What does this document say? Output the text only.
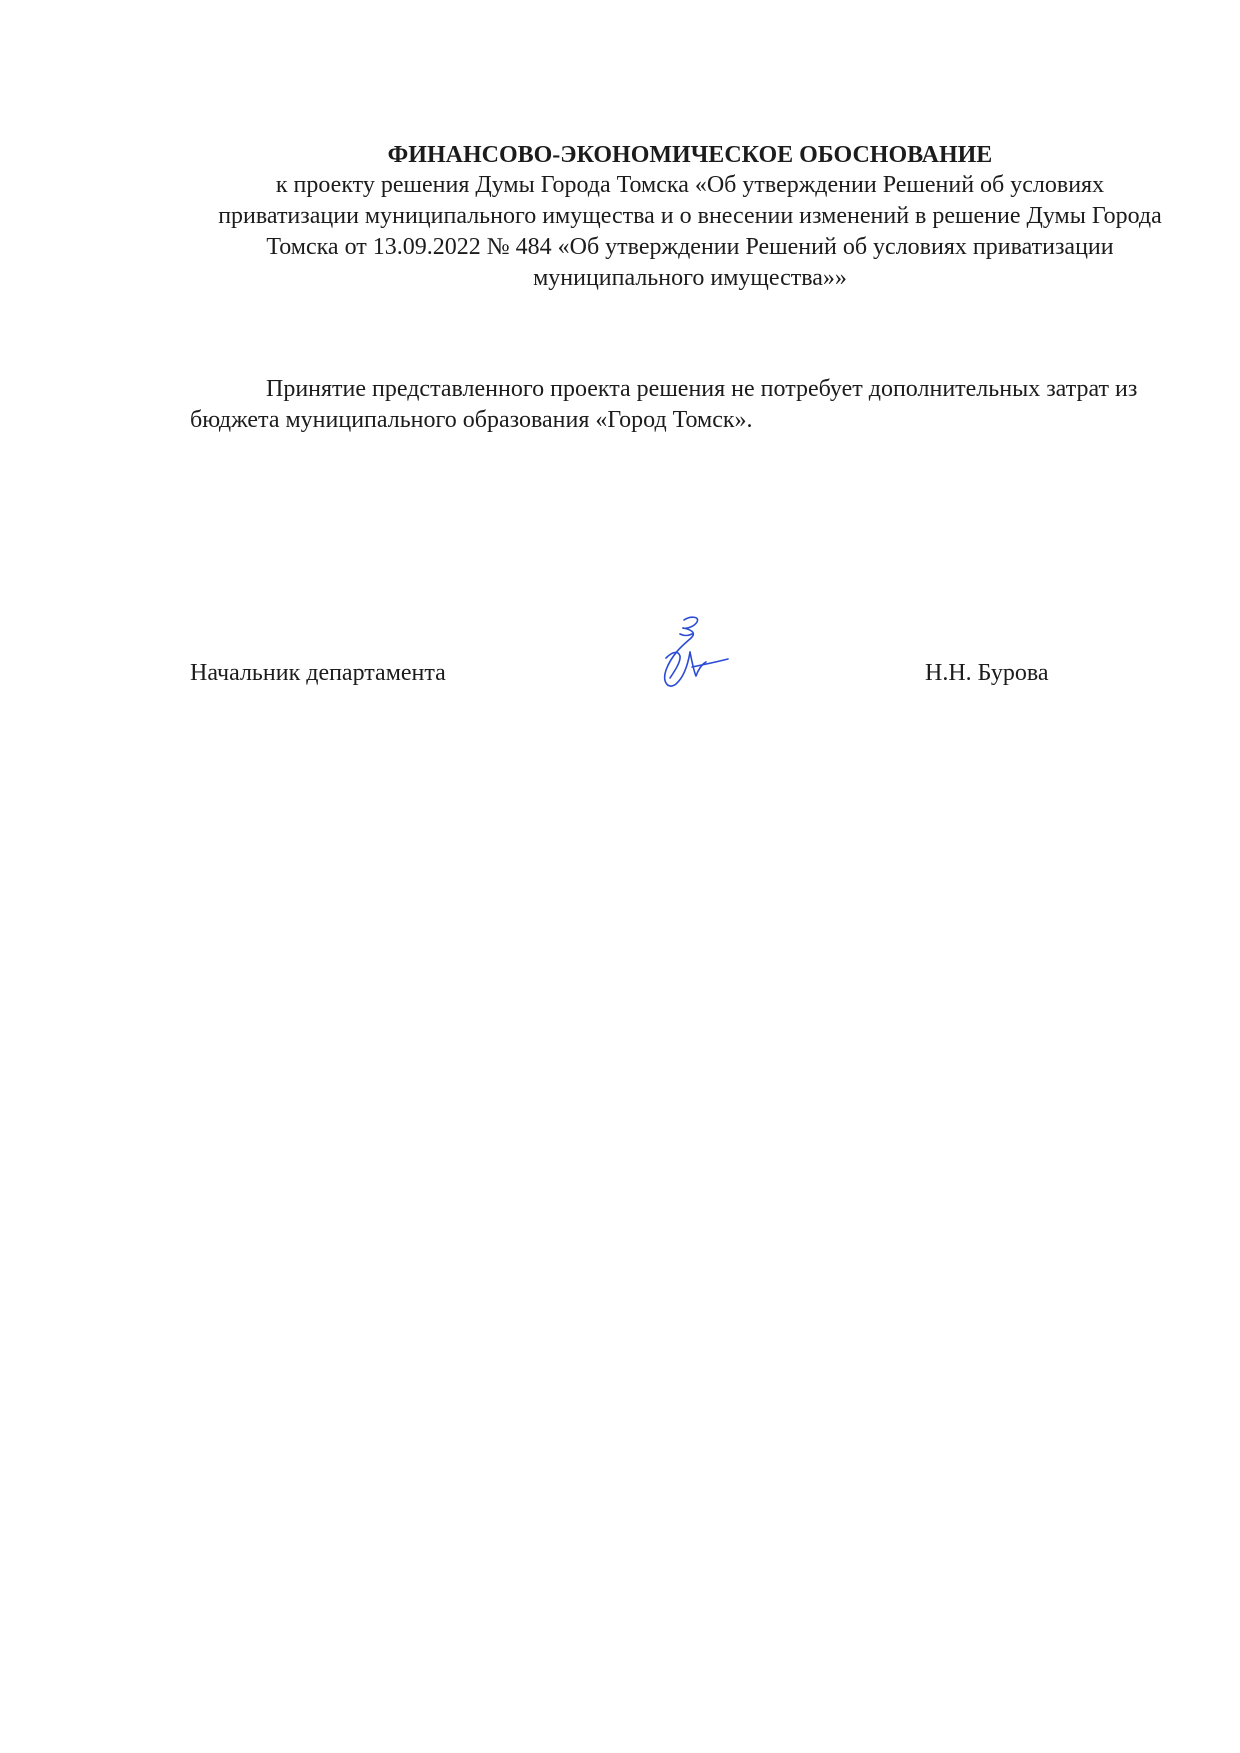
ФИНАНСОВО-ЭКОНОМИЧЕСКОЕ ОБОСНОВАНИЕ

к проекту решения Думы Города Томска «Об утверждении Решений об условиях
приватизации муниципального имущества и о внесении изменений в решение Думы Города
Томска от 13.09.2022 № 484 «Об утверждении Решений об условиях приватизации
муниципального имущества»»

Принятие представленного проекта решения не потребует дополнительных затрат из
бюджета муниципального образования «Город Томск».

Начальник департамента	Н.Н. Бурова
